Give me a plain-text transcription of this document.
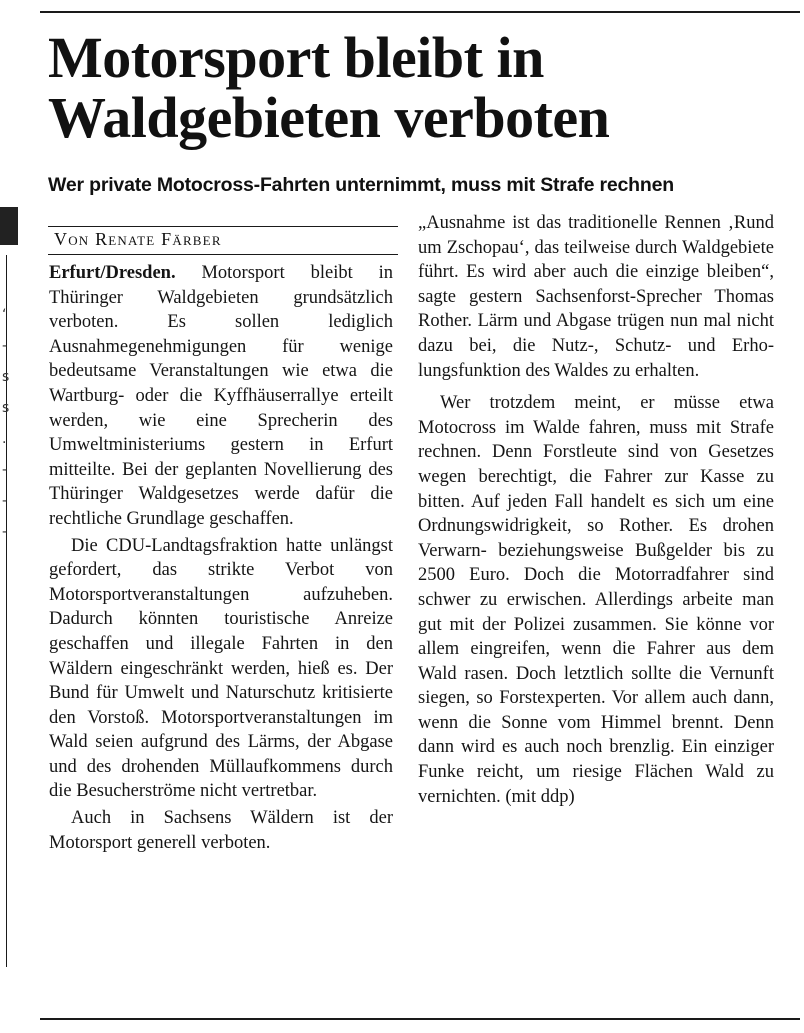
‘
-
s
s
.
-
-
-
Motorsport bleibt in Waldgebieten verboten
Wer private Motocross-Fahrten unternimmt, muss mit Strafe rechnen
Von Renate Färber

Erfurt/Dresden. Motorsport bleibt in Thüringer Waldgebieten grundsätzlich verboten. Es sollen lediglich Ausnahmegenehmigungen für wenige bedeutsame Veranstaltungen wie etwa die Wartburg- oder die Kyffhäuserrallye erteilt werden, wie eine Sprecherin des Umweltministeriums gestern in Erfurt mitteilte. Bei der geplanten Novellierung des Thüringer Waldgesetzes werde dafür die rechtliche Grundlage geschaffen.

Die CDU-Landtagsfraktion hatte unlängst gefordert, das strikte Verbot von Motorsportveranstaltungen aufzuheben. Dadurch könnten touristische Anreize geschaffen und illegale Fahrten in den Wäldern eingeschränkt werden, hieß es. Der Bund für Umwelt und Naturschutz kritisierte den Vorstoß. Motorsportveranstaltungen im Wald seien aufgrund des Lärms, der Abgase und des drohenden Müllaufkommens durch die Besucherströme nicht vertretbar.

Auch in Sachsens Wäldern ist der Motorsport generell verboten.

„Ausnahme ist das traditionelle Rennen ‚Rund um Zschopau‘, das teilweise durch Waldgebiete führt. Es wird aber auch die einzige bleiben“, sagte gestern Sachsenforst-Sprecher Thomas Rother. Lärm und Abgase trügen nun mal nicht dazu bei, die Nutz-, Schutz- und Erholungsfunktion des Waldes zu erhalten.

Wer trotzdem meint, er müsse etwa Motocross im Walde fahren, muss mit Strafe rechnen. Denn Forstleute sind von Gesetzes wegen berechtigt, die Fahrer zur Kasse zu bitten. Auf jeden Fall handelt es sich um eine Ordnungswidrigkeit, so Rother. Es drohen Verwarn- beziehungsweise Bußgelder bis zu 2500 Euro. Doch die Motorradfahrer sind schwer zu erwischen. Allerdings arbeite man gut mit der Polizei zusammen. Sie könne vor allem eingreifen, wenn die Fahrer aus dem Wald rasen. Doch letztlich sollte die Vernunft siegen, so Forstexperten. Vor allem auch dann, wenn die Sonne vom Himmel brennt. Denn dann wird es auch noch brenzlig. Ein einziger Funke reicht, um riesige Flächen Wald zu vernichten. (mit ddp)
